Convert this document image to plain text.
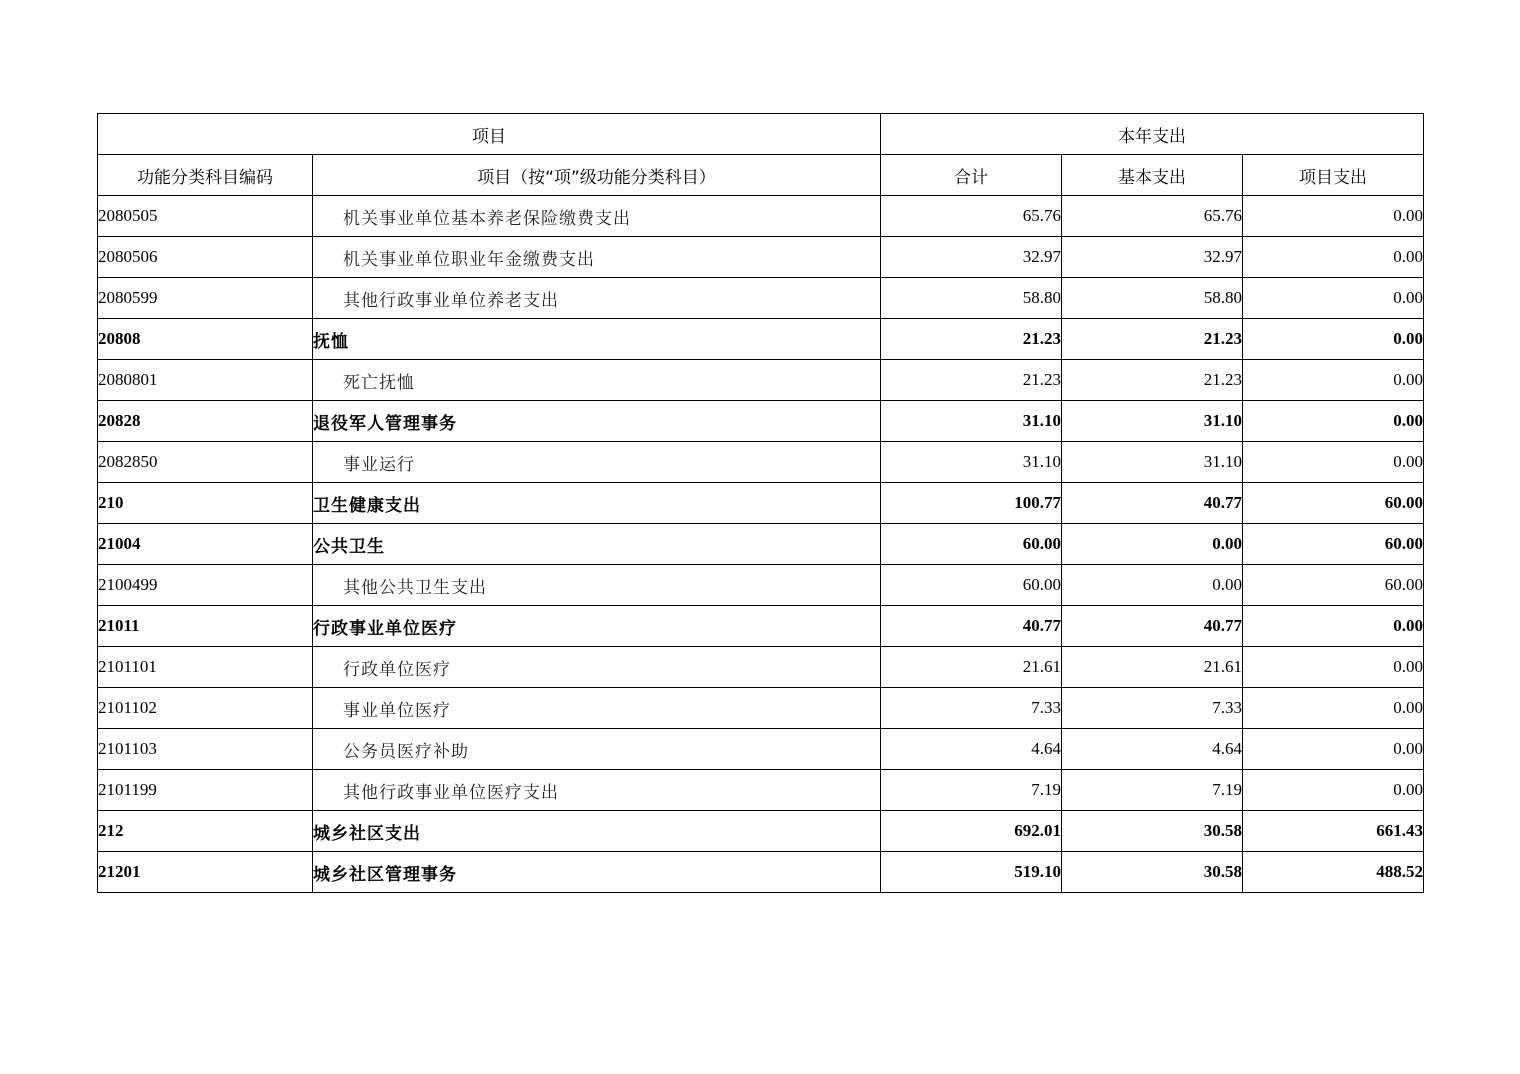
项目		本年支出		
功能分类科目编码	项目（按“项”级功能分类科目）	合计	基本支出	项目支出
2080505	机关事业单位基本养老保险缴费支出	65.76	65.76	0.00
2080506	机关事业单位职业年金缴费支出	32.97	32.97	0.00
2080599	其他行政事业单位养老支出	58.80	58.80	0.00
20808	抚恤	21.23	21.23	0.00
2080801	死亡抚恤	21.23	21.23	0.00
20828	退役军人管理事务	31.10	31.10	0.00
2082850	事业运行	31.10	31.10	0.00
210	卫生健康支出	100.77	40.77	60.00
21004	公共卫生	60.00	0.00	60.00
2100499	其他公共卫生支出	60.00	0.00	60.00
21011	行政事业单位医疗	40.77	40.77	0.00
2101101	行政单位医疗	21.61	21.61	0.00
2101102	事业单位医疗	7.33	7.33	0.00
2101103	公务员医疗补助	4.64	4.64	0.00
2101199	其他行政事业单位医疗支出	7.19	7.19	0.00
212	城乡社区支出	692.01	30.58	661.43
21201	城乡社区管理事务	519.10	30.58	488.52
